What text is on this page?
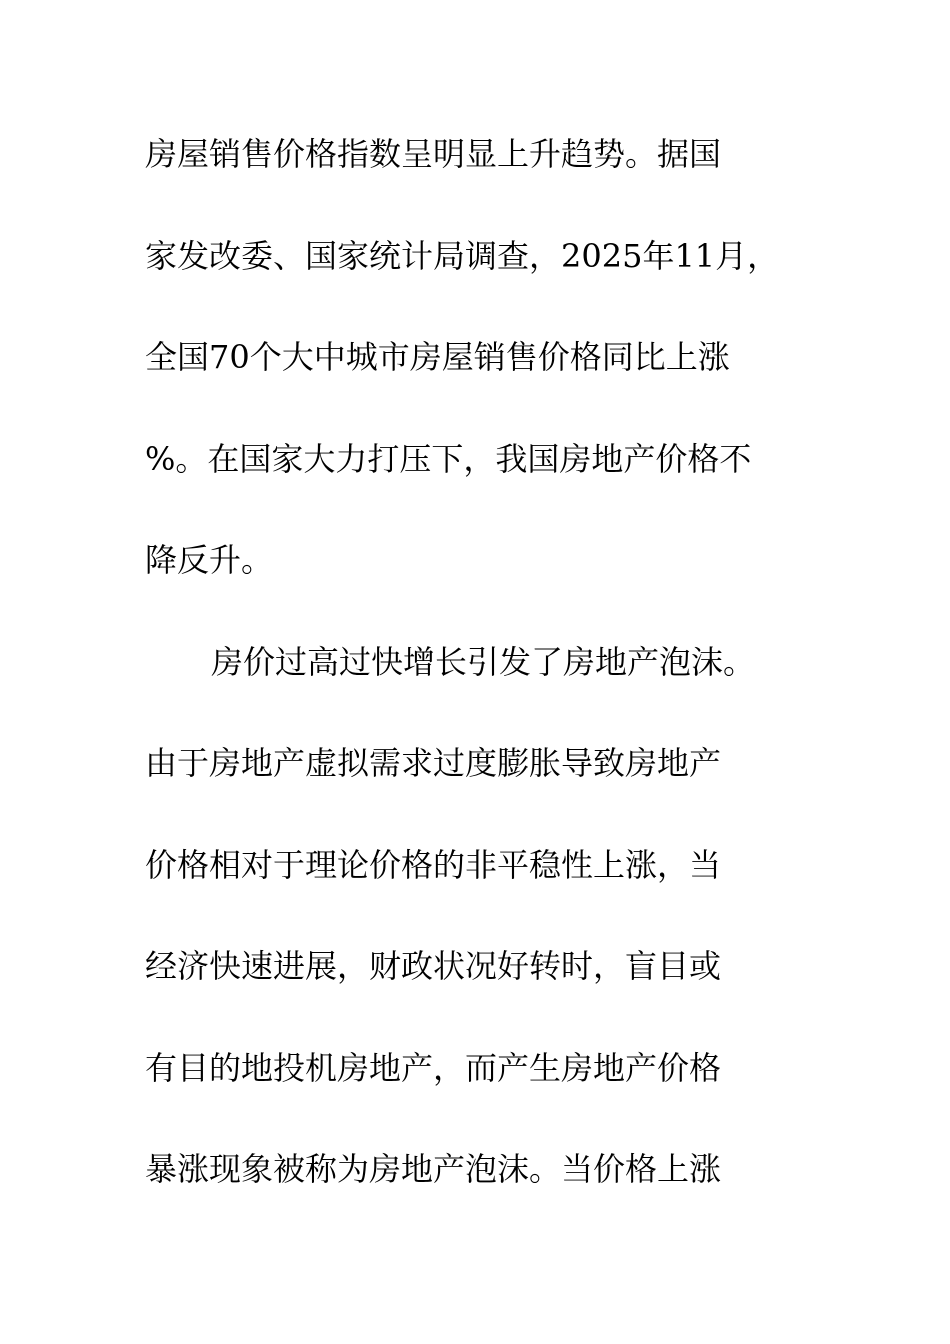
房屋销售价格指数呈明显上升趋势。据国
家发改委、国家统计局调查，2025年11月，
全国70个大中城市房屋销售价格同比上涨
%。在国家大力打压下，我国房地产价格不
降反升。
房价过高过快增长引发了房地产泡沫。
由于房地产虚拟需求过度膨胀导致房地产
价格相对于理论价格的非平稳性上涨，当
经济快速进展，财政状况好转时，盲目或
有目的地投机房地产，而产生房地产价格
暴涨现象被称为房地产泡沫。当价格上涨
